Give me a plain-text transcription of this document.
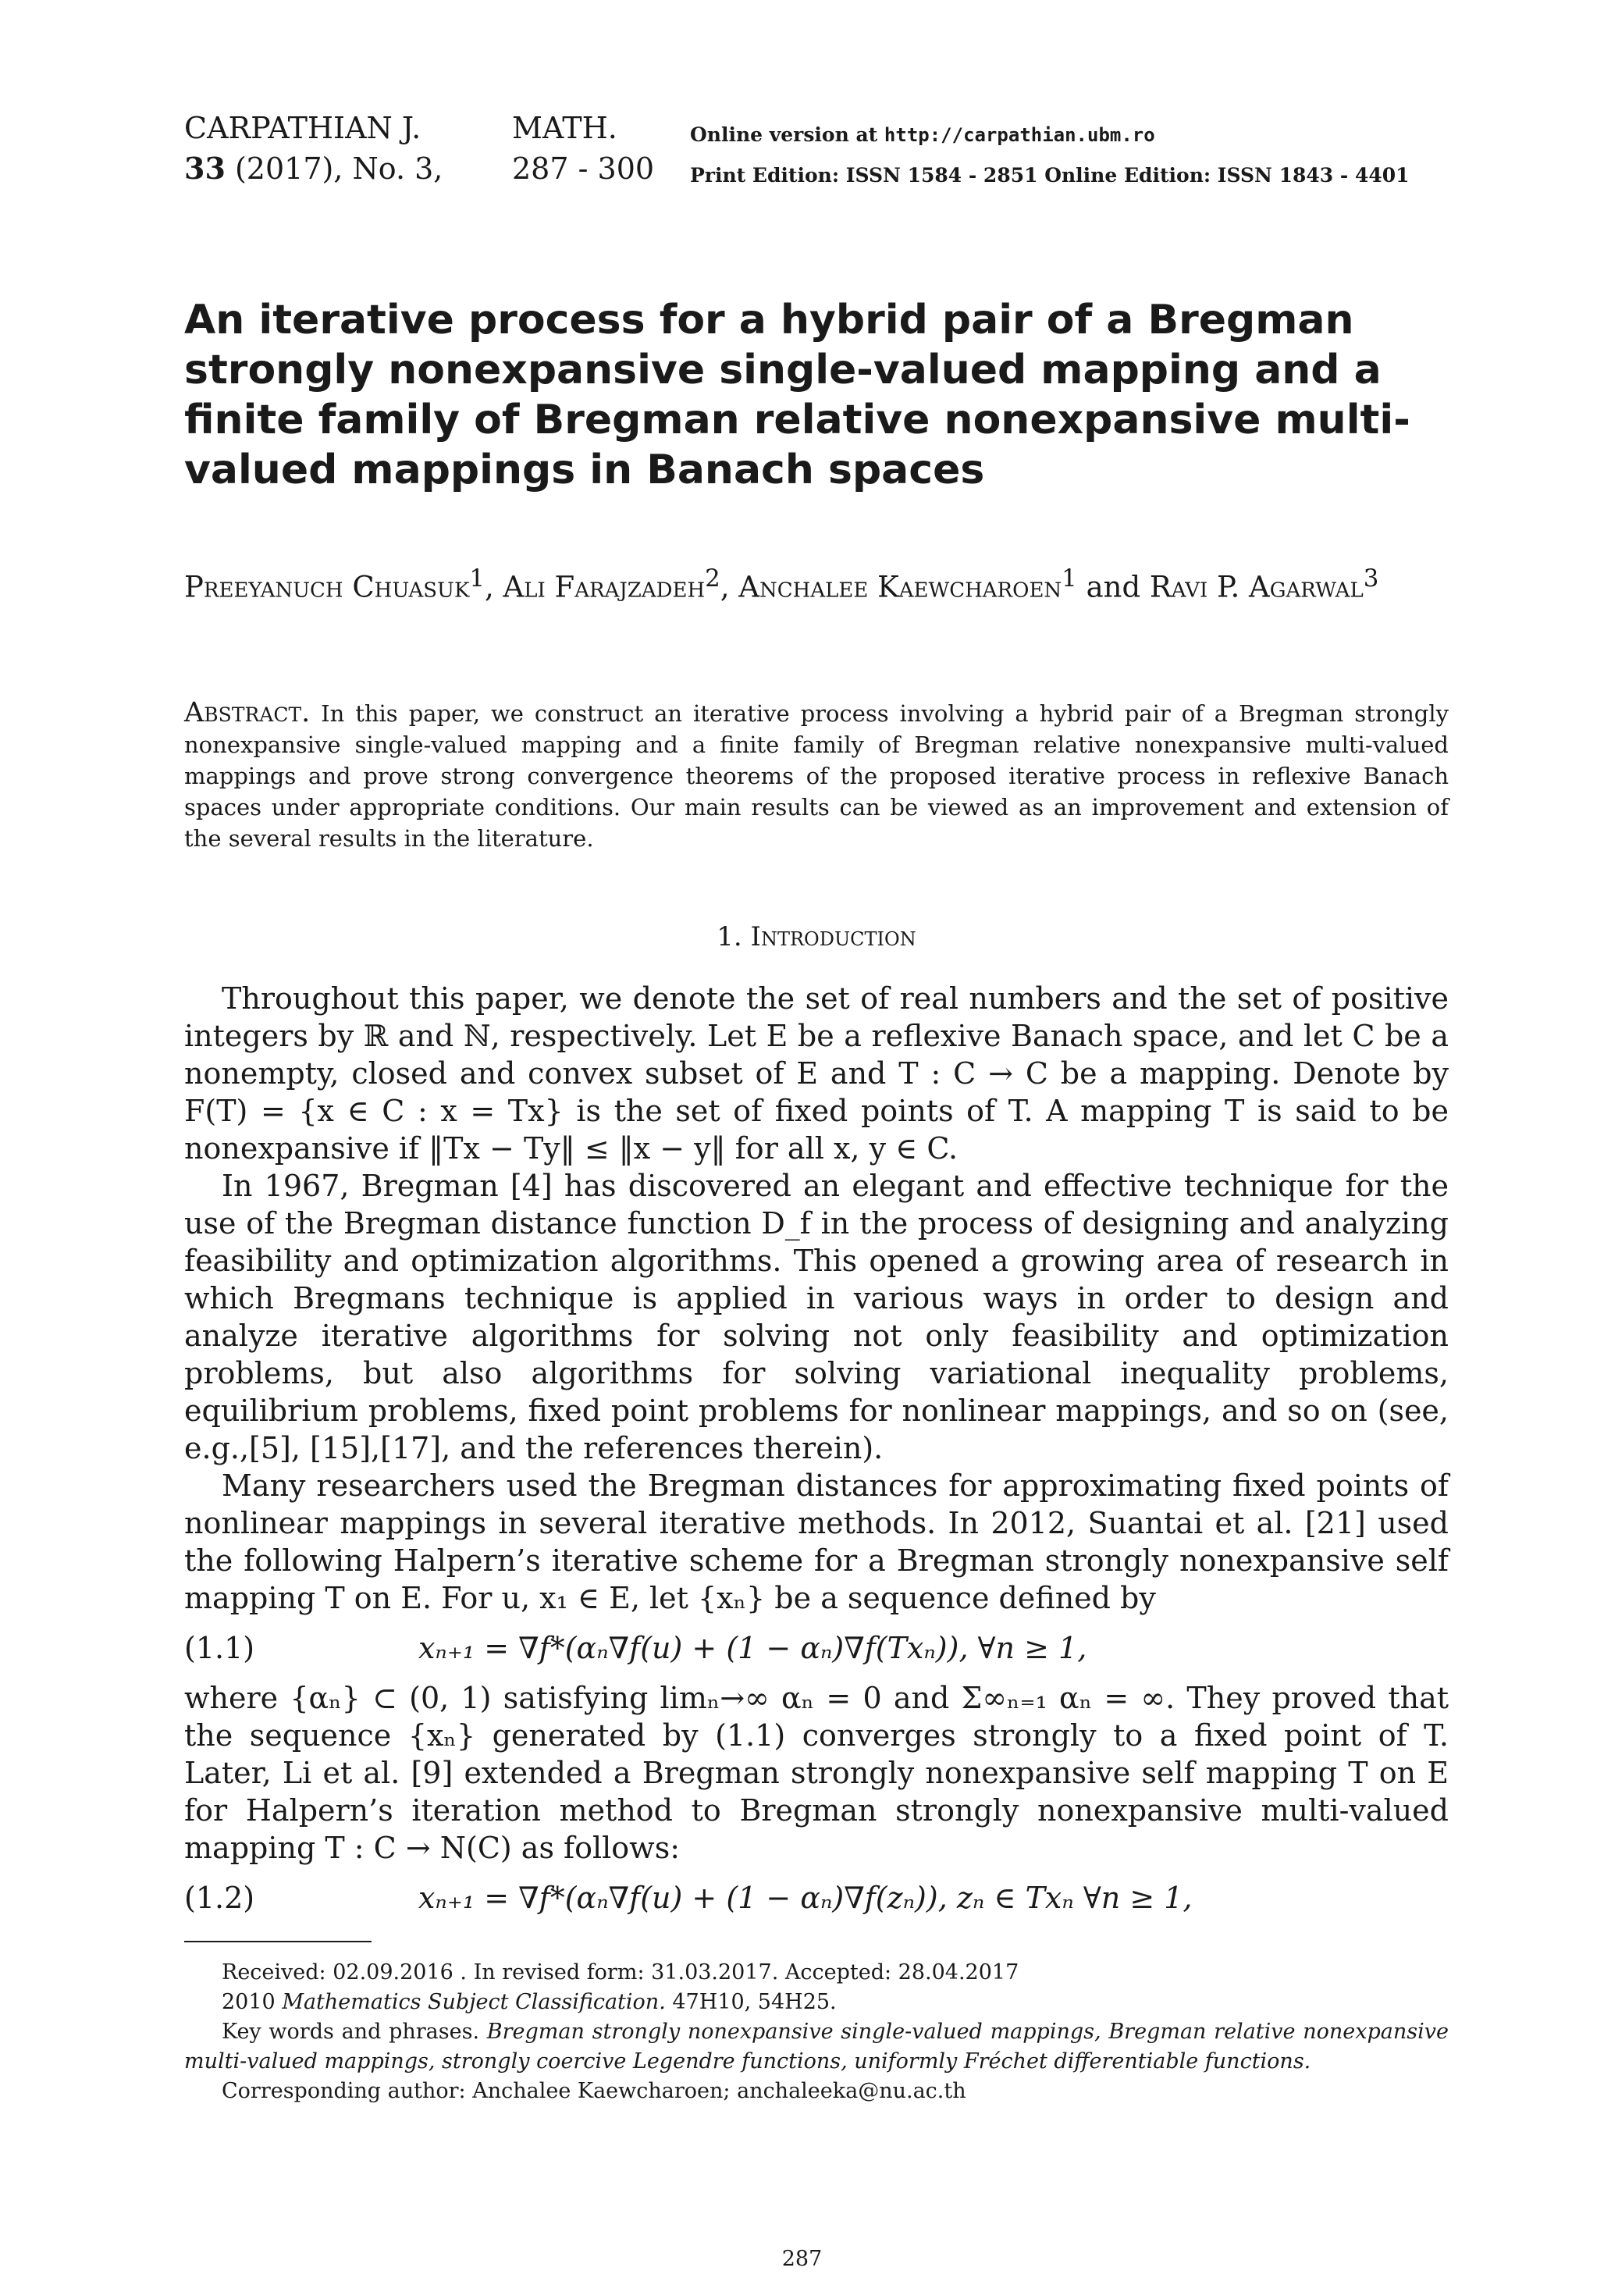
CARPATHIAN J.	MATH.
33 (2017), No. 3,	287 - 300
Online version at http://carpathian.ubm.ro
Print Edition: ISSN 1584 - 2851 Online Edition: ISSN 1843 - 4401
An iterative process for a hybrid pair of a Bregman strongly nonexpansive single-valued mapping and a finite family of Bregman relative nonexpansive multi-valued mappings in Banach spaces
Preeyanuch Chuasuk$^1$, Ali Farajzadeh$^2$, Anchalee Kaewcharoen$^1$ and Ravi P. Agarwal$^3$
Abstract. In this paper, we construct an iterative process involving a hybrid pair of a Bregman strongly nonexpansive single-valued mapping and a finite family of Bregman relative nonexpansive multi-valued mappings and prove strong convergence theorems of the proposed iterative process in reflexive Banach spaces under appropriate conditions. Our main results can be viewed as an improvement and extension of the several results in the literature.
1. Introduction

Throughout this paper, we denote the set of real numbers and the set of positive integers by ℝ and ℕ, respectively. Let E be a reflexive Banach space, and let C be a nonempty, closed and convex subset of E and T : C → C be a mapping. Denote by F(T) = {x ∈ C : x = Tx} is the set of fixed points of T. A mapping T is said to be nonexpansive if ‖Tx − Ty‖ ≤ ‖x − y‖ for all x, y ∈ C.

In 1967, Bregman [4] has discovered an elegant and effective technique for the use of the Bregman distance function D_f in the process of designing and analyzing feasibility and optimization algorithms. This opened a growing area of research in which Bregmans technique is applied in various ways in order to design and analyze iterative algorithms for solving not only feasibility and optimization problems, but also algorithms for solving variational inequality problems, equilibrium problems, fixed point problems for nonlinear mappings, and so on (see, e.g.,[5], [15],[17], and the references therein).

Many researchers used the Bregman distances for approximating fixed points of nonlinear mappings in several iterative methods. In 2012, Suantai et al. [21] used the following Halpern’s iterative scheme for a Bregman strongly nonexpansive self mapping T on E. For u, x₁ ∈ E, let {xₙ} be a sequence defined by

(1.1)	xₙ₊₁ = ∇f*(αₙ∇f(u) + (1 − αₙ)∇f(Txₙ)), ∀n ≥ 1,

where {αₙ} ⊂ (0, 1) satisfying limₙ→∞ αₙ = 0 and Σ∞ₙ₌₁ αₙ = ∞. They proved that the sequence {xₙ} generated by (1.1) converges strongly to a fixed point of T. Later, Li et al. [9] extended a Bregman strongly nonexpansive self mapping T on E for Halpern’s iteration method to Bregman strongly nonexpansive multi-valued mapping T : C → N(C) as follows:

(1.2)	xₙ₊₁ = ∇f*(αₙ∇f(u) + (1 − αₙ)∇f(zₙ)), zₙ ∈ Txₙ ∀n ≥ 1,

Received: 02.09.2016 . In revised form: 31.03.2017. Accepted: 28.04.2017

2010 Mathematics Subject Classification. 47H10, 54H25.

Key words and phrases. Bregman strongly nonexpansive single-valued mappings, Bregman relative nonexpansive multi-valued mappings, strongly coercive Legendre functions, uniformly Fréchet differentiable functions.

Corresponding author: Anchalee Kaewcharoen; anchaleeka@nu.ac.th

287
